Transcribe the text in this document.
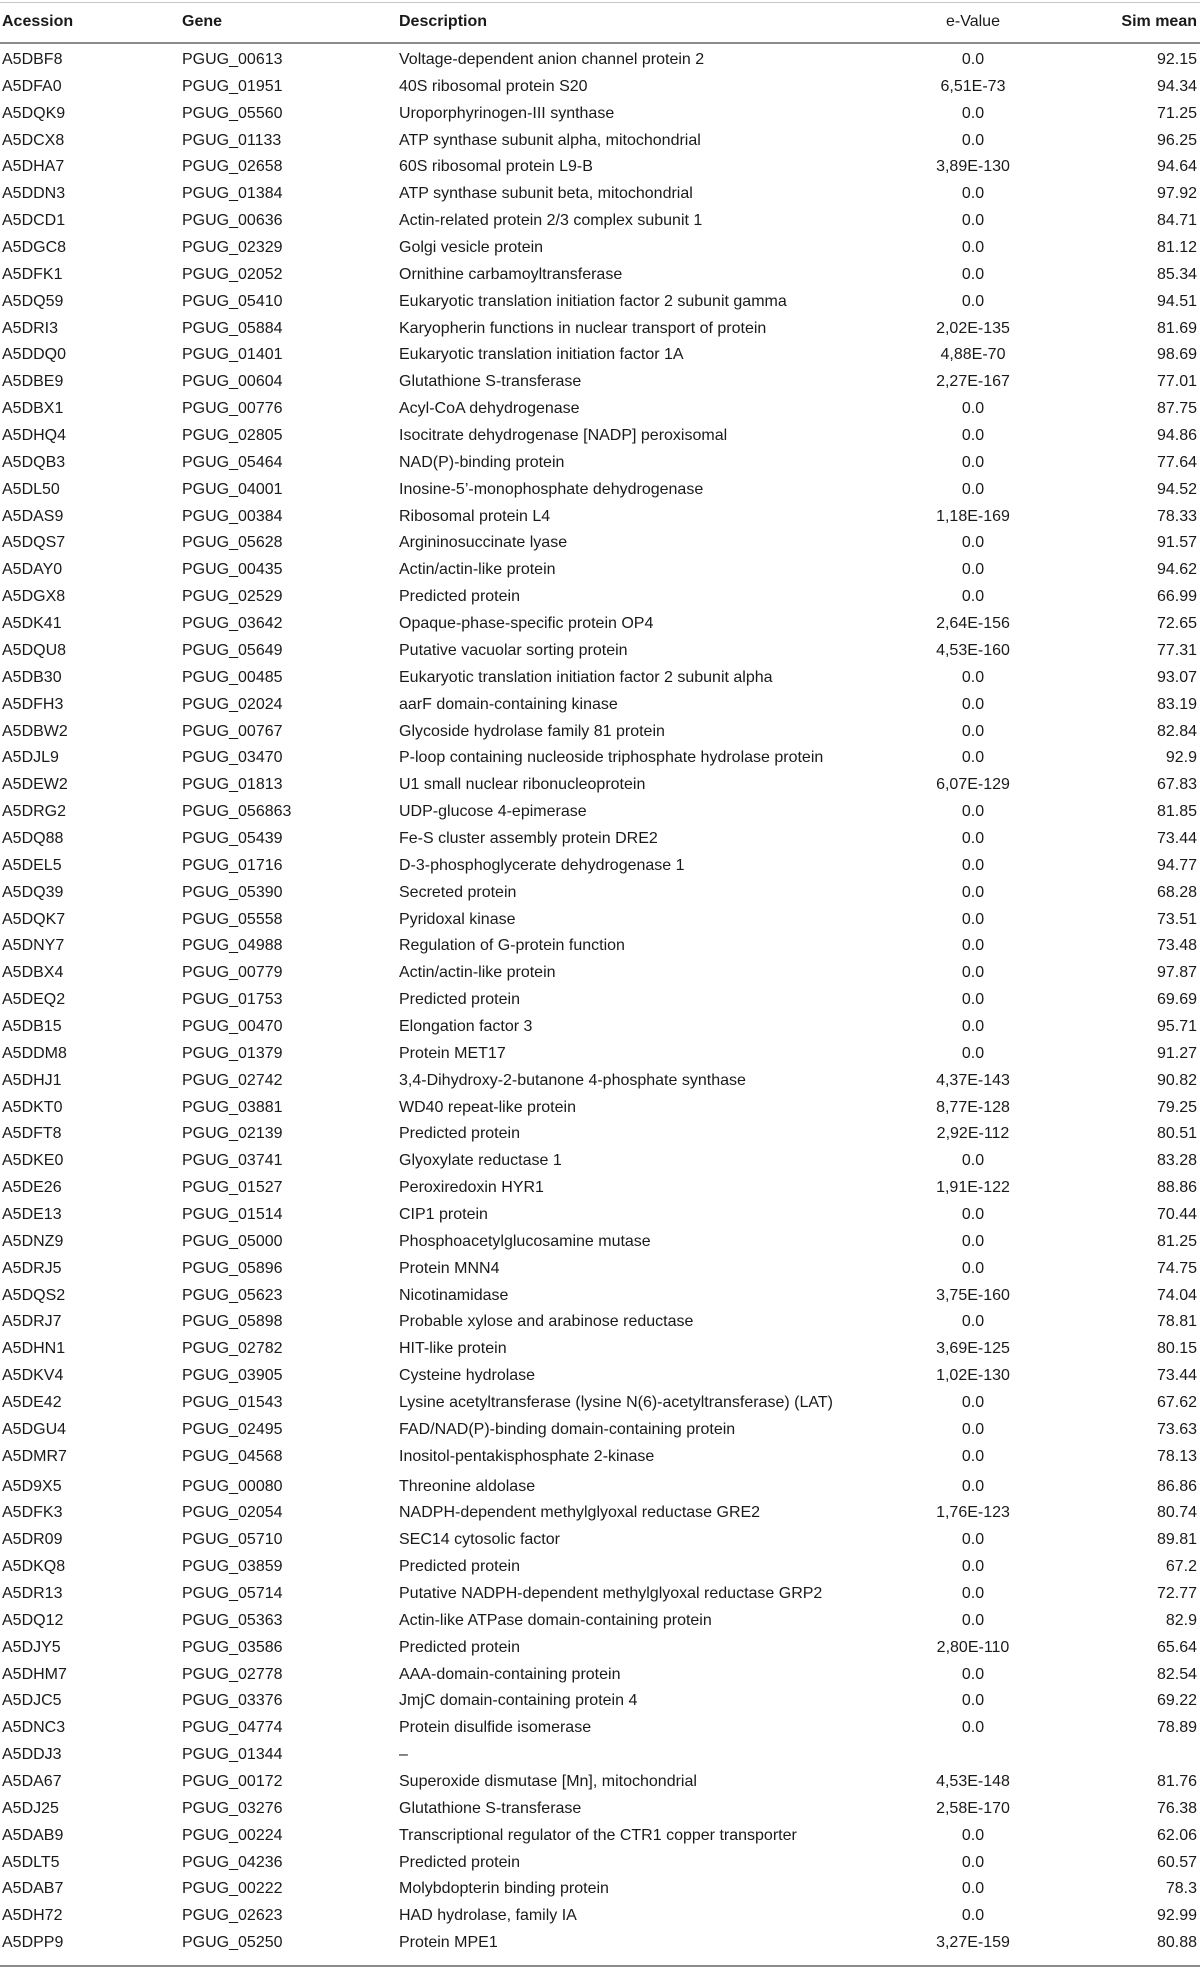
Acession	Gene	Description	e-Value	Sim mean
A5DBF8	PGUG_00613	Voltage-dependent anion channel protein 2	0.0	92.15
A5DFA0	PGUG_01951	40S ribosomal protein S20	6,51E-73	94.34
A5DQK9	PGUG_05560	Uroporphyrinogen-III synthase	0.0	71.25
A5DCX8	PGUG_01133	ATP synthase subunit alpha, mitochondrial	0.0	96.25
A5DHA7	PGUG_02658	60S ribosomal protein L9-B	3,89E-130	94.64
A5DDN3	PGUG_01384	ATP synthase subunit beta, mitochondrial	0.0	97.92
A5DCD1	PGUG_00636	Actin-related protein 2/3 complex subunit 1	0.0	84.71
A5DGC8	PGUG_02329	Golgi vesicle protein	0.0	81.12
A5DFK1	PGUG_02052	Ornithine carbamoyltransferase	0.0	85.34
A5DQ59	PGUG_05410	Eukaryotic translation initiation factor 2 subunit gamma	0.0	94.51
A5DRI3	PGUG_05884	Karyopherin functions in nuclear transport of protein	2,02E-135	81.69
A5DDQ0	PGUG_01401	Eukaryotic translation initiation factor 1A	4,88E-70	98.69
A5DBE9	PGUG_00604	Glutathione S-transferase	2,27E-167	77.01
A5DBX1	PGUG_00776	Acyl-CoA dehydrogenase	0.0	87.75
A5DHQ4	PGUG_02805	Isocitrate dehydrogenase [NADP] peroxisomal	0.0	94.86
A5DQB3	PGUG_05464	NAD(P)-binding protein	0.0	77.64
A5DL50	PGUG_04001	Inosine-5’-monophosphate dehydrogenase	0.0	94.52
A5DAS9	PGUG_00384	Ribosomal protein L4	1,18E-169	78.33
A5DQS7	PGUG_05628	Argininosuccinate lyase	0.0	91.57
A5DAY0	PGUG_00435	Actin/actin-like protein	0.0	94.62
A5DGX8	PGUG_02529	Predicted protein	0.0	66.99
A5DK41	PGUG_03642	Opaque-phase-specific protein OP4	2,64E-156	72.65
A5DQU8	PGUG_05649	Putative vacuolar sorting protein	4,53E-160	77.31
A5DB30	PGUG_00485	Eukaryotic translation initiation factor 2 subunit alpha	0.0	93.07
A5DFH3	PGUG_02024	aarF domain-containing kinase	0.0	83.19
A5DBW2	PGUG_00767	Glycoside hydrolase family 81 protein	0.0	82.84
A5DJL9	PGUG_03470	P-loop containing nucleoside triphosphate hydrolase protein	0.0	92.9
A5DEW2	PGUG_01813	U1 small nuclear ribonucleoprotein	6,07E-129	67.83
A5DRG2	PGUG_056863	UDP-glucose 4-epimerase	0.0	81.85
A5DQ88	PGUG_05439	Fe-S cluster assembly protein DRE2	0.0	73.44
A5DEL5	PGUG_01716	D-3-phosphoglycerate dehydrogenase 1	0.0	94.77
A5DQ39	PGUG_05390	Secreted protein	0.0	68.28
A5DQK7	PGUG_05558	Pyridoxal kinase	0.0	73.51
A5DNY7	PGUG_04988	Regulation of G-protein function	0.0	73.48
A5DBX4	PGUG_00779	Actin/actin-like protein	0.0	97.87
A5DEQ2	PGUG_01753	Predicted protein	0.0	69.69
A5DB15	PGUG_00470	Elongation factor 3	0.0	95.71
A5DDM8	PGUG_01379	Protein MET17	0.0	91.27
A5DHJ1	PGUG_02742	3,4-Dihydroxy-2-butanone 4-phosphate synthase	4,37E-143	90.82
A5DKT0	PGUG_03881	WD40 repeat-like protein	8,77E-128	79.25
A5DFT8	PGUG_02139	Predicted protein	2,92E-112	80.51
A5DKE0	PGUG_03741	Glyoxylate reductase 1	0.0	83.28
A5DE26	PGUG_01527	Peroxiredoxin HYR1	1,91E-122	88.86
A5DE13	PGUG_01514	CIP1 protein	0.0	70.44
A5DNZ9	PGUG_05000	Phosphoacetylglucosamine mutase	0.0	81.25
A5DRJ5	PGUG_05896	Protein MNN4	0.0	74.75
A5DQS2	PGUG_05623	Nicotinamidase	3,75E-160	74.04
A5DRJ7	PGUG_05898	Probable xylose and arabinose reductase	0.0	78.81
A5DHN1	PGUG_02782	HIT-like protein	3,69E-125	80.15
A5DKV4	PGUG_03905	Cysteine hydrolase	1,02E-130	73.44
A5DE42	PGUG_01543	Lysine acetyltransferase (lysine N(6)-acetyltransferase) (LAT)	0.0	67.62
A5DGU4	PGUG_02495	FAD/NAD(P)-binding domain-containing protein	0.0	73.63
A5DMR7	PGUG_04568	Inositol-pentakisphosphate 2-kinase	0.0	78.13
A5D9X5	PGUG_00080	Threonine aldolase	0.0	86.86
A5DFK3	PGUG_02054	NADPH-dependent methylglyoxal reductase GRE2	1,76E-123	80.74
A5DR09	PGUG_05710	SEC14 cytosolic factor	0.0	89.81
A5DKQ8	PGUG_03859	Predicted protein	0.0	67.2
A5DR13	PGUG_05714	Putative NADPH-dependent methylglyoxal reductase GRP2	0.0	72.77
A5DQ12	PGUG_05363	Actin-like ATPase domain-containing protein	0.0	82.9
A5DJY5	PGUG_03586	Predicted protein	2,80E-110	65.64
A5DHM7	PGUG_02778	AAA-domain-containing protein	0.0	82.54
A5DJC5	PGUG_03376	JmjC domain-containing protein 4	0.0	69.22
A5DNC3	PGUG_04774	Protein disulfide isomerase	0.0	78.89
A5DDJ3	PGUG_01344	–
A5DA67	PGUG_00172	Superoxide dismutase [Mn], mitochondrial	4,53E-148	81.76
A5DJ25	PGUG_03276	Glutathione S-transferase	2,58E-170	76.38
A5DAB9	PGUG_00224	Transcriptional regulator of the CTR1 copper transporter	0.0	62.06
A5DLT5	PGUG_04236	Predicted protein	0.0	60.57
A5DAB7	PGUG_00222	Molybdopterin binding protein	0.0	78.3
A5DH72	PGUG_02623	HAD hydrolase, family IA	0.0	92.99
A5DPP9	PGUG_05250	Protein MPE1	3,27E-159	80.88
